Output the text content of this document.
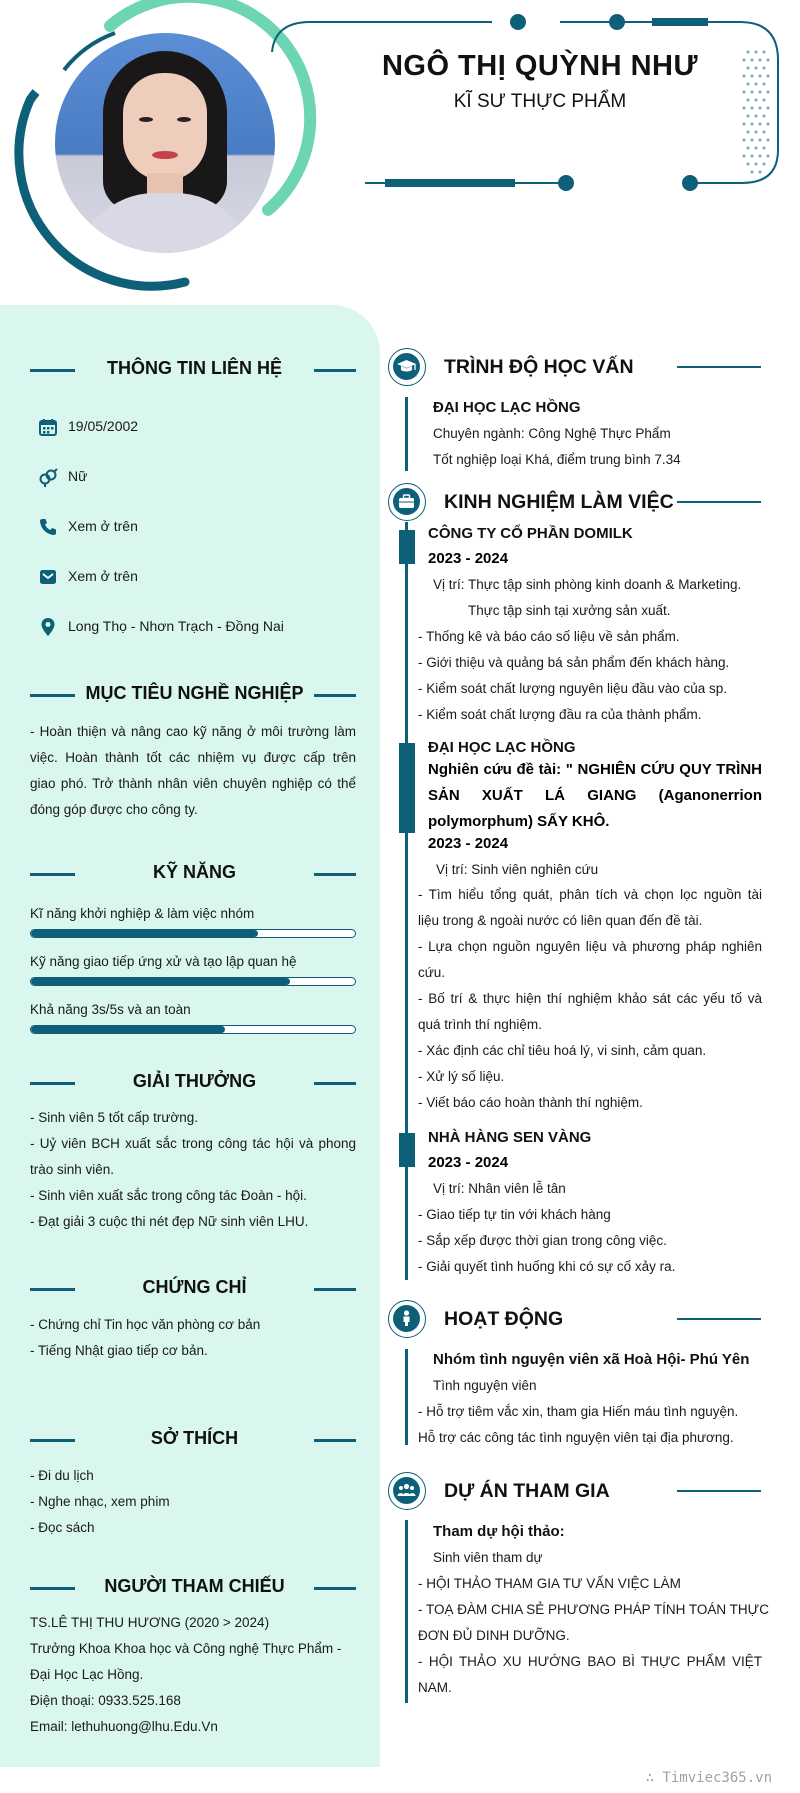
NGÔ THỊ QUỲNH NHƯ
KĨ SƯ THỰC PHẨM
THÔNG TIN LIÊN HỆ
19/05/2002
Nữ
Xem ở trên
Xem ở trên
Long Thọ - Nhơn Trạch - Đồng Nai
MỤC TIÊU NGHỀ NGHIỆP
- Hoàn thiện và nâng cao kỹ năng ở môi trường làm
việc. Hoàn thành tốt các nhiệm vụ được cấp trên
giao phó. Trở thành nhân viên chuyên nghiệp có thể
đóng góp được cho công ty.
KỸ NĂNG
Kĩ năng khởi nghiệp & làm việc nhóm
Kỹ năng giao tiếp ứng xử và tạo lập quan hệ
Khả năng 3s/5s và an toàn
GIẢI THƯỞNG
- Sinh viên 5 tốt cấp trường.
- Uỷ viên BCH xuất sắc trong công tác hội và phong
trào sinh viên.
- Sinh viên xuất sắc trong công tác Đoàn - hội.
- Đạt giải 3 cuộc thi nét đẹp Nữ sinh viên LHU.
CHỨNG CHỈ
- Chứng chỉ Tin học văn phòng cơ bản
- Tiếng Nhật giao tiếp cơ bản.
SỞ THÍCH
- Đi du lịch
- Nghe nhạc, xem phim
- Đọc sách
NGƯỜI THAM CHIẾU
TS.LÊ THỊ THU HƯƠNG (2020 > 2024)
Trưởng Khoa Khoa học và Công nghệ Thực Phẩm -
Đại Học Lạc Hồng.
Điện thoại: 0933.525.168
Email: lethuhuong@lhu.Edu.Vn
TRÌNH ĐỘ HỌC VẤN
ĐẠI HỌC LẠC HỒNG
Chuyên ngành: Công Nghệ Thực Phẩm
Tốt nghiệp loại Khá, điểm trung bình 7.34
KINH NGHIỆM LÀM VIỆC
CÔNG TY CỔ PHẦN DOMILK
2023 - 2024
Vị trí: Thực tập sinh phòng kinh doanh & Marketing.
Thực tập sinh tại xưởng sản xuất.
- Thống kê và báo cáo số liệu về sản phẩm.
- Giới thiệu và quảng bá sản phẩm đến khách hàng.
- Kiểm soát chất lượng nguyên liệu đầu vào của sp.
- Kiểm soát chất lượng đầu ra của thành phẩm.
ĐẠI HỌC LẠC HỒNG
Nghiên cứu đề tài: " NGHIÊN CỨU QUY TRÌNH
SẢN XUẤT LÁ GIANG (Aganonerrion
polymorphum) SẤY KHÔ.
2023 - 2024
Vị trí: Sinh viên nghiên cứu
- Tìm hiểu tổng quát, phân tích và chọn lọc nguồn tài
liệu trong & ngoài nước có liên quan đến đề tài.
- Lựa chọn nguồn nguyên liệu và phương pháp nghiên
cứu.
- Bố trí & thực hiện thí nghiệm khảo sát các yếu tố và
quá trình thí nghiệm.
- Xác định các chỉ tiêu hoá lý, vi sinh, cảm quan.
- Xử lý số liệu.
- Viết báo cáo hoàn thành thí nghiệm.
NHÀ HÀNG SEN VÀNG
2023 - 2024
Vị trí: Nhân viên lễ tân
- Giao tiếp tự tin với khách hàng
- Sắp xếp được thời gian trong công việc.
- Giải quyết tình huống khi có sự cố xảy ra.
HOẠT ĐỘNG
Nhóm tình nguyện viên xã Hoà Hội- Phú Yên
Tình nguyện viên
- Hỗ trợ tiêm vắc xin, tham gia Hiến máu tình nguyện.
Hỗ trợ các công tác tình nguyện viên tại địa phương.
DỰ ÁN THAM GIA
Tham dự hội thảo:
Sinh viên tham dự
- HỘI THẢO THAM GIA TƯ VẤN VIỆC LÀM
- TOẠ ĐÀM CHIA SẺ PHƯƠNG PHÁP TÍNH TOÁN THỰC
ĐƠN ĐỦ DINH DƯỠNG.
- HỘI THẢO XU HƯỚNG BAO BÌ THỰC PHẨM VIỆT
NAM.
∴ Timviec365.vn
